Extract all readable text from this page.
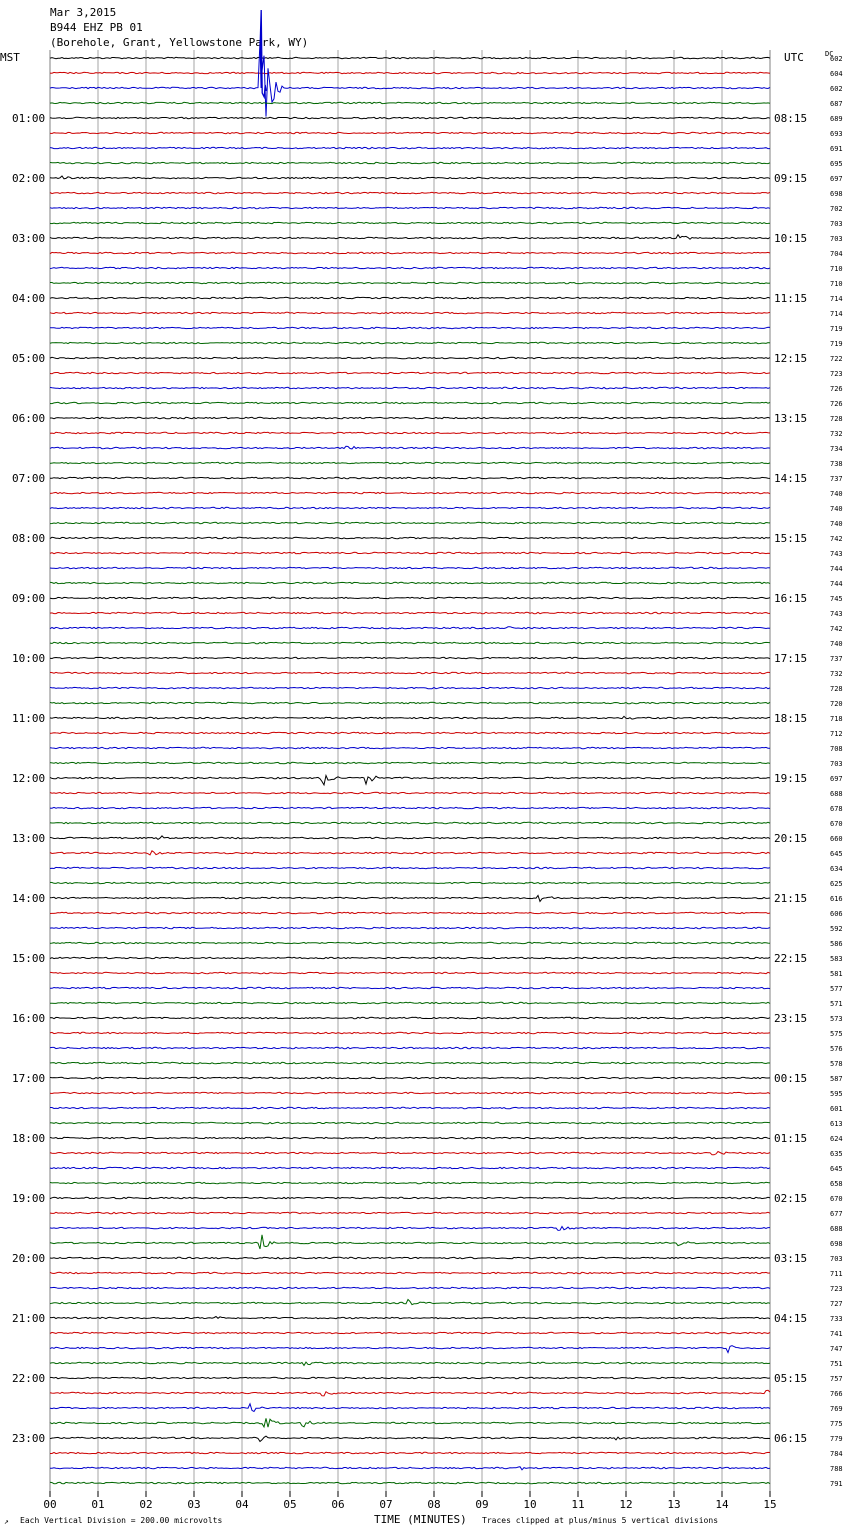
Mar 3,2015
B944 EHZ PB 01
(Borehole, Grant, Yellowstone Park, WY)
MST	UTC	DC
01:00
02:00
03:00
04:00
05:00
06:00
07:00
08:00
09:00
10:00
11:00
12:00
13:00
14:00
15:00
16:00
17:00
18:00
19:00
20:00
21:00
22:00
23:00
08:15
09:15
10:15
11:15
12:15
13:15
14:15
15:15
16:15
17:15
18:15
19:15
20:15
21:15
22:15
23:15
00:15
01:15
02:15
03:15
04:15
05:15
06:15
602
604
602
687
689
693
691
695
697
698
702
703
703
704
710
710
714
714
719
719
722
723
726
726
728
732
734
738
737
740
740
740
742
743
744
744
745
743
742
740
737
732
728
720
718
712
708
703
697
688
678
670
660
645
634
625
616
606
592
586
583
581
577
571
573
575
576
578
587
595
601
613
624
635
645
658
670
677
688
698
703
711
723
727
733
741
747
751
757
766
769
775
779
784
788
791
00	01	02	03	04	05	06	07	08	09	10	11	12	13	14	15
↗ Each Vertical Division = 200.00 microvolts	TIME (MINUTES) Traces clipped at plus/minus 5 vertical divisions
